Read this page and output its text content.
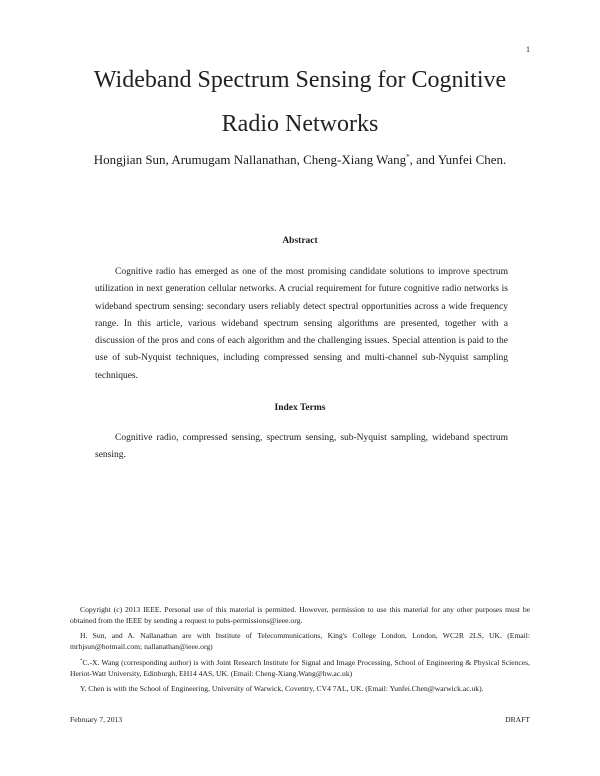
1
Wideband Spectrum Sensing for Cognitive
Radio Networks
Hongjian Sun, Arumugam Nallanathan, Cheng-Xiang Wang*, and Yunfei Chen.
Abstract

Cognitive radio has emerged as one of the most promising candidate solutions to improve spectrum utilization in next generation cellular networks. A crucial requirement for future cognitive radio networks is wideband spectrum sensing: secondary users reliably detect spectral opportunities across a wide frequency range. In this article, various wideband spectrum sensing algorithms are presented, together with a discussion of the pros and cons of each algorithm and the challenging issues. Special attention is paid to the use of sub-Nyquist techniques, including compressed sensing and multi-channel sub-Nyquist sampling techniques.

Index Terms

Cognitive radio, compressed sensing, spectrum sensing, sub-Nyquist sampling, wideband spectrum sensing.

Copyright (c) 2013 IEEE. Personal use of this material is permitted. However, permission to use this material for any other purposes must be obtained from the IEEE by sending a request to pubs-permissions@ieee.org.

H. Sun, and A. Nallanathan are with Institute of Telecommunications, King's College London, London, WC2R 2LS, UK. (Email: mrhjsun@hotmail.com; nallanathan@ieee.org)

*C.-X. Wang (corresponding author) is with Joint Research Institute for Signal and Image Processing, School of Engineering & Physical Sciences, Heriot-Watt University, Edinburgh, EH14 4AS, UK. (Email: Cheng-Xiang.Wang@hw.ac.uk)

Y. Chen is with the School of Engineering, University of Warwick, Coventry, CV4 7AL, UK. (Email: Yunfei.Chen@warwick.ac.uk).

February 7, 2013	DRAFT
